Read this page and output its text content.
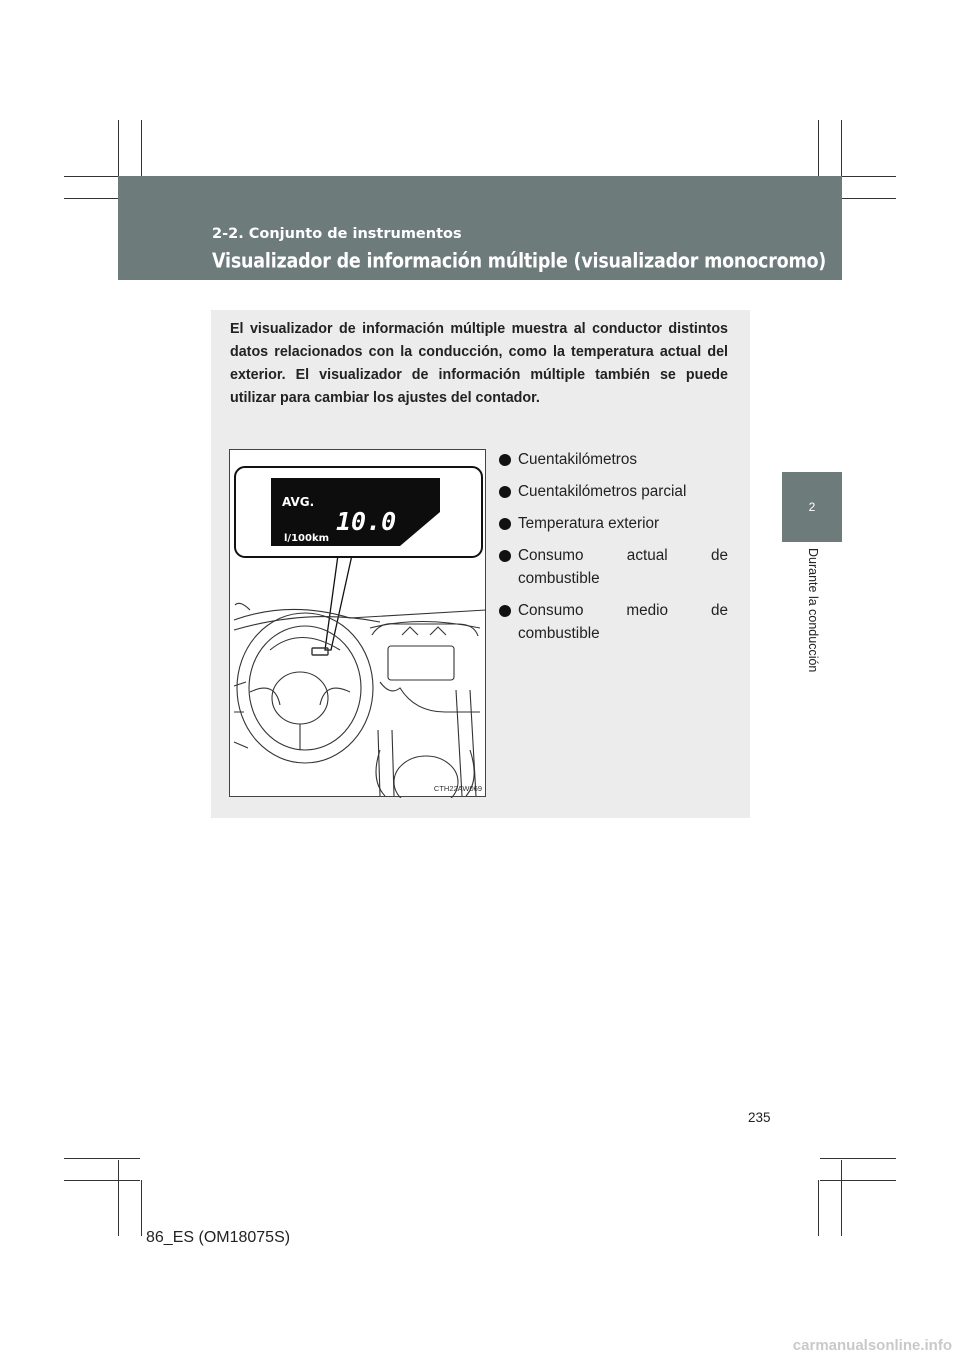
2-2. Conjunto de instrumentos
Visualizador de información múltiple (visualizador monocromo)
2
Durante la conducción
El visualizador de información múltiple muestra al conductor distintos datos relacionados con la conducción, como la temperatura actual del exterior. El visualizador de información múltiple también se puede utilizar para cambiar los ajustes del contador.
AVG.
10.0
l/100km
CTH22AW069
Cuentakilómetros
Cuentakilómetros parcial
Temperatura exterior
Consumo actual de
combustible
Consumo medio de
combustible
235
86_ES (OM18075S)
carmanualsonline.info
